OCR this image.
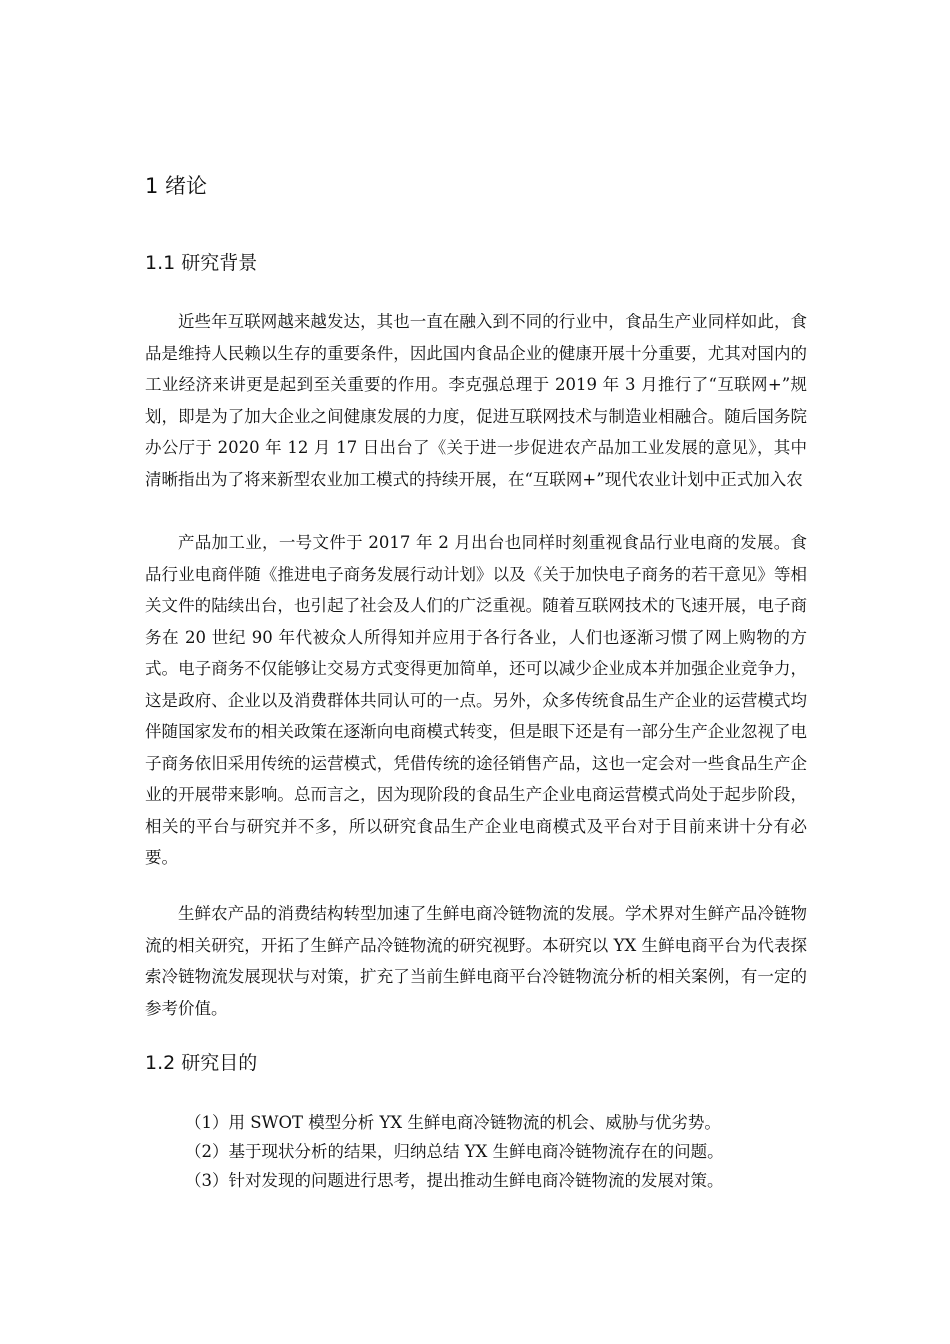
1 绪论
1.1 研究背景

近些年互联网越来越发达，其也一直在融入到不同的行业中，食品生产业同样如此，食品是维持人民赖以生存的重要条件，因此国内食品企业的健康开展十分重要，尤其对国内的工业经济来讲更是起到至关重要的作用。李克强总理于 2019 年 3 月推行了“互联网+”规划，即是为了加大企业之间健康发展的力度，促进互联网技术与制造业相融合。随后国务院办公厅于 2020 年 12 月 17 日出台了《关于进一步促进农产品加工业发展的意见》，其中清晰指出为了将来新型农业加工模式的持续开展，在“互联网+”现代农业计划中正式加入农

产品加工业，一号文件于 2017 年 2 月出台也同样时刻重视食品行业电商的发展。食品行业电商伴随《推进电子商务发展行动计划》以及《关于加快电子商务的若干意见》等相关文件的陆续出台，也引起了社会及人们的广泛重视。随着互联网技术的飞速开展，电子商务在 20 世纪 90 年代被众人所得知并应用于各行各业，人们也逐渐习惯了网上购物的方式。电子商务不仅能够让交易方式变得更加简单，还可以减少企业成本并加强企业竞争力，这是政府、企业以及消费群体共同认可的一点。另外，众多传统食品生产企业的运营模式均伴随国家发布的相关政策在逐渐向电商模式转变，但是眼下还是有一部分生产企业忽视了电子商务依旧采用传统的运营模式，凭借传统的途径销售产品，这也一定会对一些食品生产企业的开展带来影响。总而言之，因为现阶段的食品生产企业电商运营模式尚处于起步阶段，相关的平台与研究并不多，所以研究食品生产企业电商模式及平台对于目前来讲十分有必要。

生鲜农产品的消费结构转型加速了生鲜电商冷链物流的发展。学术界对生鲜产品冷链物流的相关研究，开拓了生鲜产品冷链物流的研究视野。本研究以 YX 生鲜电商平台为代表探索冷链物流发展现状与对策，扩充了当前生鲜电商平台冷链物流分析的相关案例，有一定的参考价值。

1.2 研究目的
（1）用 SWOT 模型分析 YX 生鲜电商冷链物流的机会、威胁与优劣势。
（2）基于现状分析的结果，归纳总结 YX 生鲜电商冷链物流存在的问题。
（3）针对发现的问题进行思考，提出推动生鲜电商冷链物流的发展对策。
